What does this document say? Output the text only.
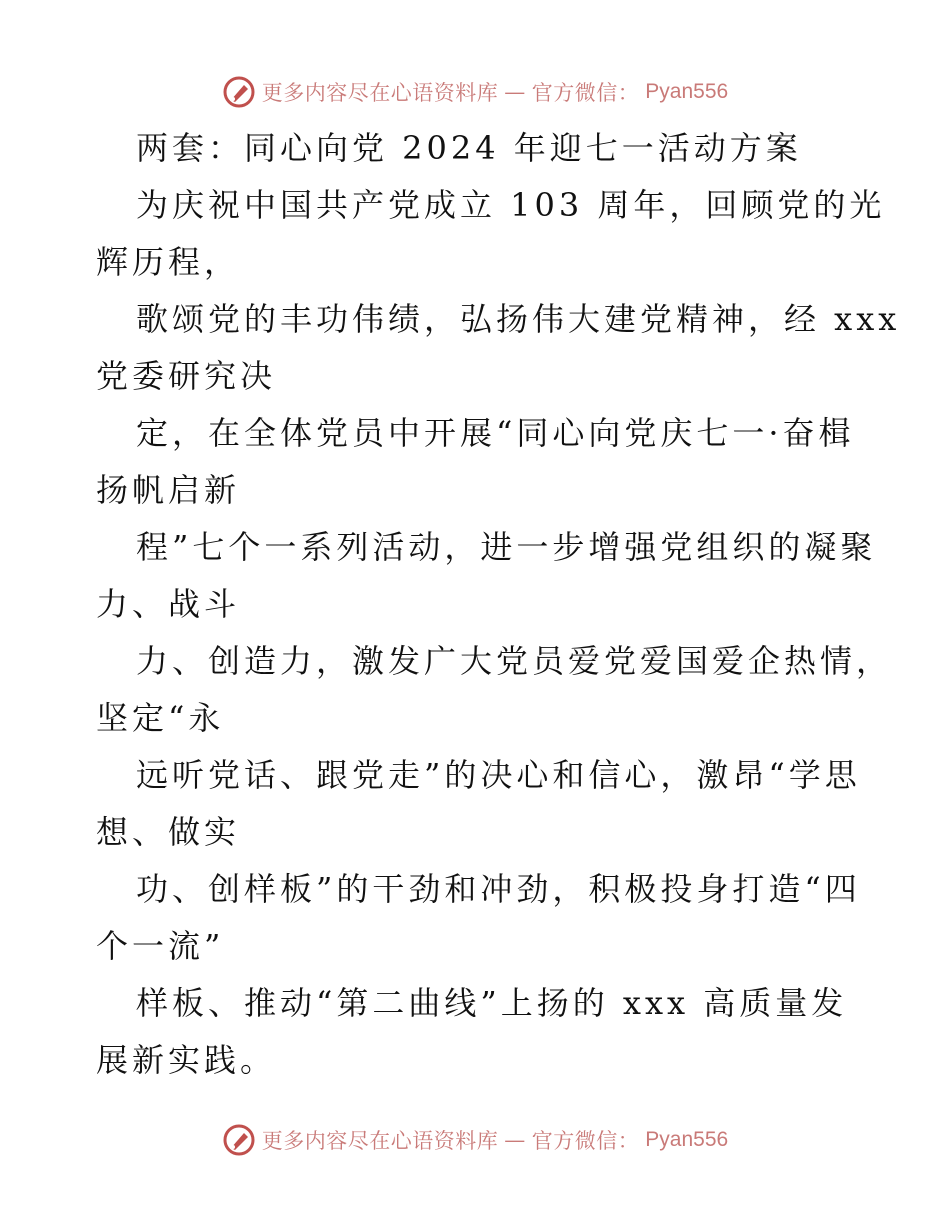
更多内容尽在心语资料库 — 官方微信： Pyan556
两套：同心向党 2024 年迎七一活动方案
为庆祝中国共产党成立 103 周年，回顾党的光
辉历程，
歌颂党的丰功伟绩，弘扬伟大建党精神，经 xxx
党委研究决
定，在全体党员中开展“同心向党庆七一·奋楫
扬帆启新
程”七个一系列活动，进一步增强党组织的凝聚
力、战斗
力、创造力，激发广大党员爱党爱国爱企热情，
坚定“永
远听党话、跟党走”的决心和信心，激昂“学思
想、做实
功、创样板”的干劲和冲劲，积极投身打造“四
个一流”
样板、推动“第二曲线”上扬的 xxx 高质量发
展新实践。
更多内容尽在心语资料库 — 官方微信： Pyan556
